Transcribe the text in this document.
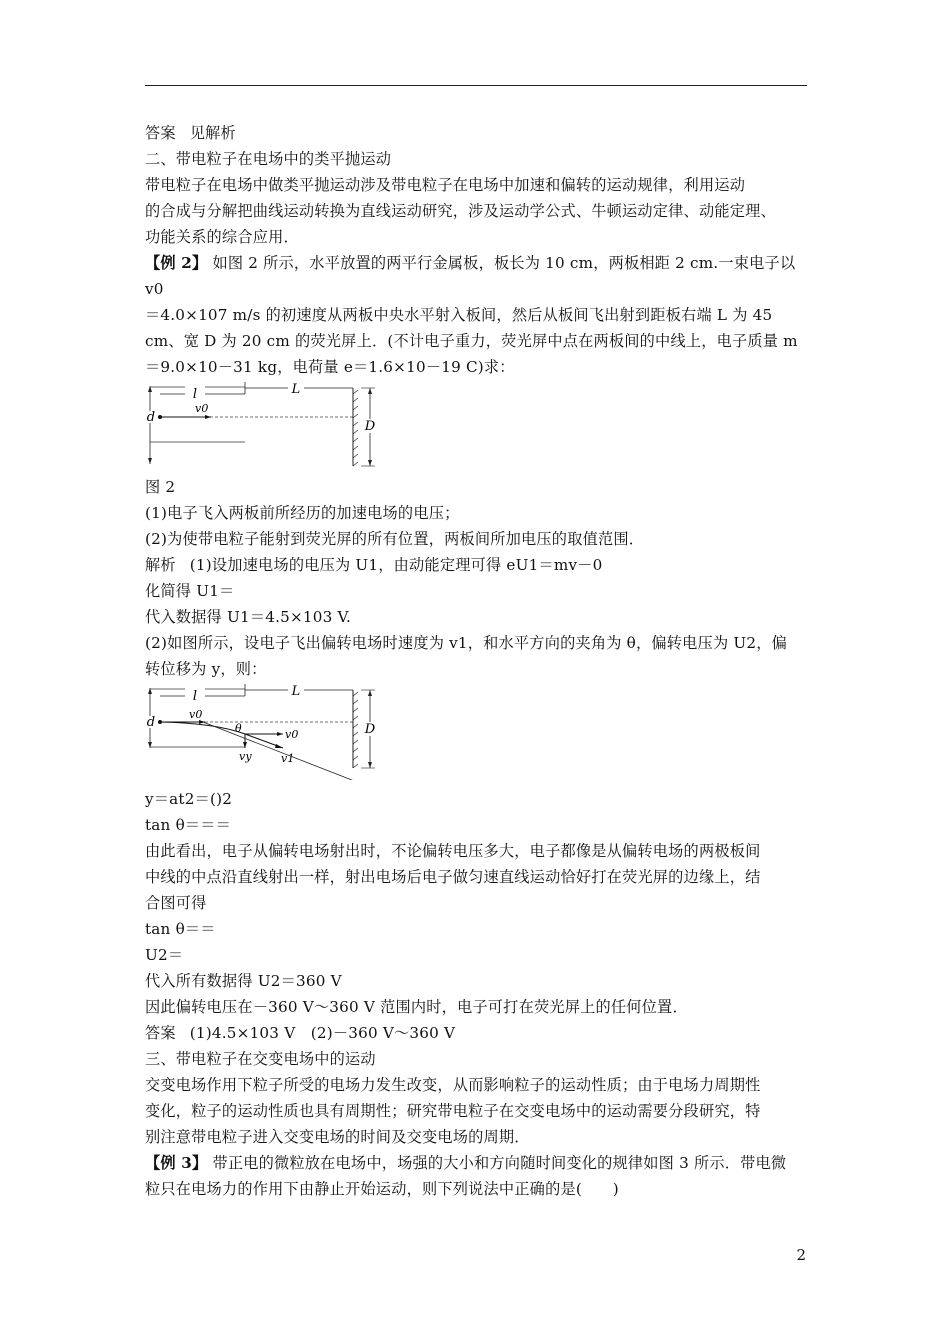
答案 见解析

二、带电粒子在电场中的类平抛运动

带电粒子在电场中做类平抛运动涉及带电粒子在电场中加速和偏转的运动规律，利用运动

的合成与分解把曲线运动转换为直线运动研究，涉及运动学公式、牛顿运动定律、动能定理、

功能关系的综合应用．

【例 2】 如图 2 所示，水平放置的两平行金属板，板长为 10 cm，两板相距 2 cm.一束电子以 v0

＝4.0×107 m/s 的初速度从两板中央水平射入板间，然后从板间飞出射到距板右端 L 为 45

cm、宽 D 为 20 cm 的荧光屏上．(不计电子重力，荧光屏中点在两板间的中线上，电子质量 m

＝9.0×10－31 kg，电荷量 e＝1.6×10－19 C)求：

l	L
v0
d
D

图 2

(1)电子飞入两板前所经历的加速电场的电压；

(2)为使带电粒子能射到荧光屏的所有位置，两板间所加电压的取值范围．

解析 (1)设加速电场的电压为 U1，由动能定理可得 eU1＝mv－0

化简得 U1＝

代入数据得 U1＝4.5×103 V.

(2)如图所示，设电子飞出偏转电场时速度为 v1，和水平方向的夹角为 θ，偏转电压为 U2，偏

转位移为 y，则：

l	L
v0
θ	v0
vy	v1
d	D

y＝at2＝()2

tan θ＝＝＝

由此看出，电子从偏转电场射出时，不论偏转电压多大，电子都像是从偏转电场的两极板间

中线的中点沿直线射出一样，射出电场后电子做匀速直线运动恰好打在荧光屏的边缘上，结

合图可得

tan θ＝＝

U2＝

代入所有数据得 U2＝360 V

因此偏转电压在－360 V～360 V 范围内时，电子可打在荧光屏上的任何位置．

答案 (1)4.5×103 V　(2)－360 V～360 V

三、带电粒子在交变电场中的运动

交变电场作用下粒子所受的电场力发生改变，从而影响粒子的运动性质；由于电场力周期性

变化，粒子的运动性质也具有周期性；研究带电粒子在交变电场中的运动需要分段研究，特

别注意带电粒子进入交变电场的时间及交变电场的周期．

【例 3】 带正电的微粒放在电场中，场强的大小和方向随时间变化的规律如图 3 所示．带电微

粒只在电场力的作用下由静止开始运动，则下列说法中正确的是(　　)

2
